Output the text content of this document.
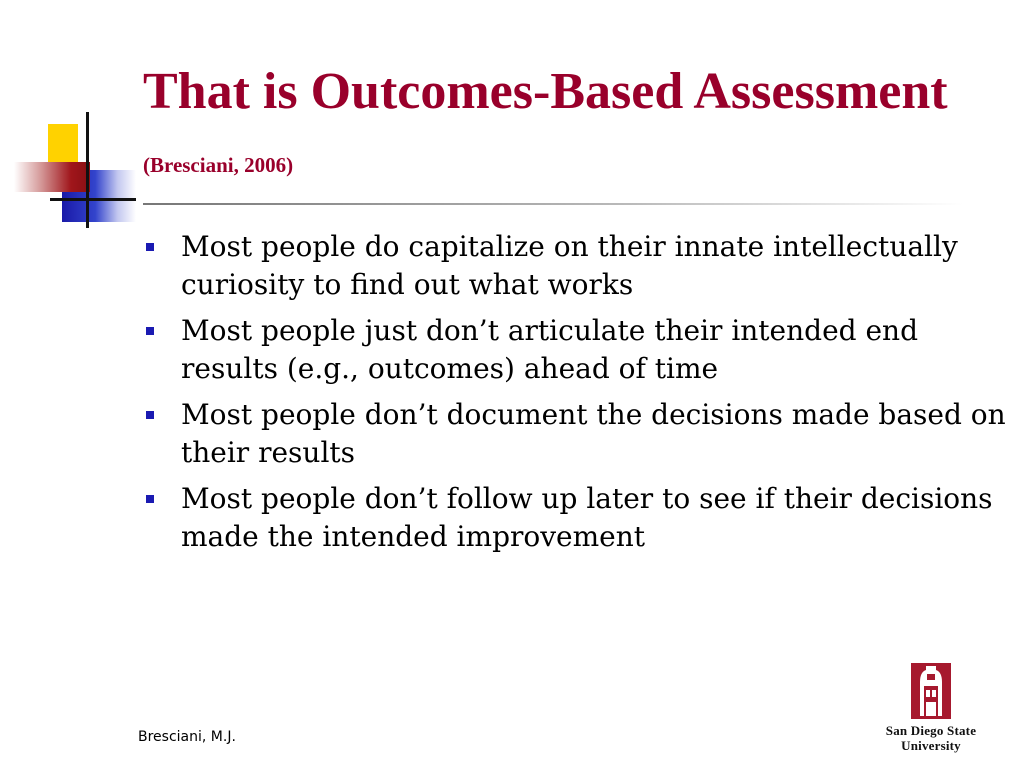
That is Outcomes-Based Assessment (Bresciani, 2006)
Most people do capitalize on their innate intellectually curiosity to find out what works
Most people just don’t articulate their intended end results (e.g., outcomes) ahead of time
Most people don’t document the decisions made based on their results
Most people don’t follow up later to see if their decisions made the intended improvement
Bresciani, M.J.	San Diego State
University
